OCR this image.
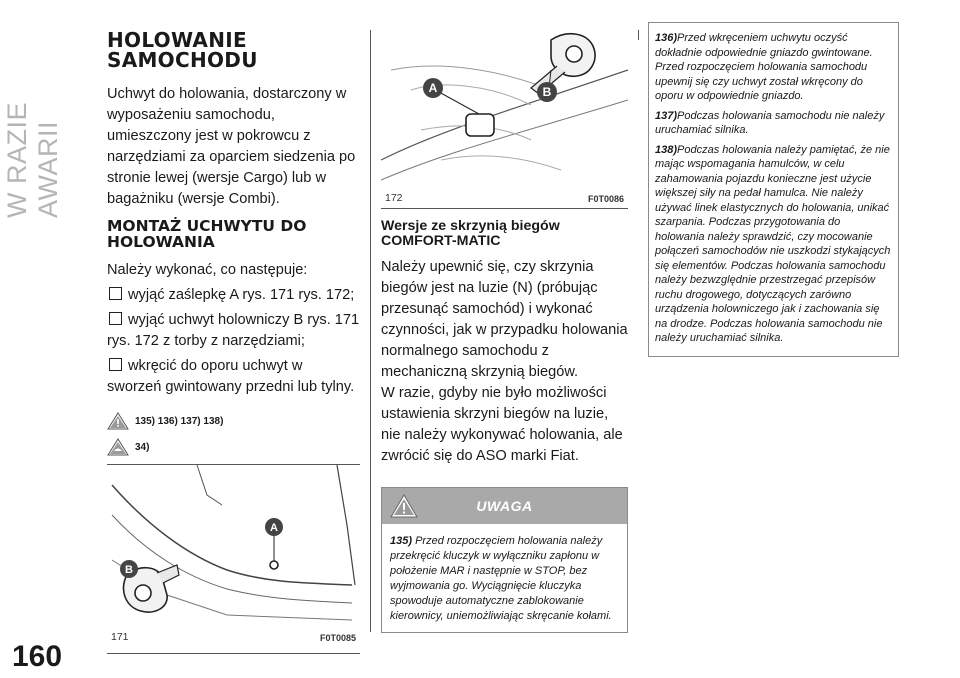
W RAZIE AWARII
160
HOLOWANIE
SAMOCHODU

Uchwyt do holowania, dostarczony w wyposażeniu samochodu, umieszczony jest w pokrowcu z narzędziami za oparciem siedzenia po stronie lewej (wersje Cargo) lub w bagażniku (wersje Combi).

MONTAŻ UCHWYTU DO
HOLOWANIA

Należy wykonać, co następuje:

wyjąć zaślepkę A rys. 171 rys. 172;

wyjąć uchwyt holowniczy B rys. 171 rys. 172 z torby z narzędziami;

wkręcić do oporu uchwyt w sworzeń gwintowany przedni lub tylny.

135) 136) 137) 138)
34)
A
B
171	F0T0085
A	B
172	F0T0086
Wersje ze skrzynią biegów
COMFORT-MATIC

Należy upewnić się, czy skrzynia biegów jest na luzie (N) (próbując przesunąć samochód) i wykonać czynności, jak w przypadku holowania normalnego samochodu z mechaniczną skrzynią biegów.

W razie, gdyby nie było możliwości ustawienia skrzyni biegów na luzie, nie należy wykonywać holowania, ale zwrócić się do ASO marki Fiat.

UWAGA
135) Przed rozpoczęciem holowania należy przekręcić kluczyk w wyłączniku zapłonu w położenie MAR i następnie w STOP, bez wyjmowania go. Wyciągnięcie kluczyka spowoduje automatyczne zablokowanie kierownicy, uniemożliwiając skręcanie kołami.

136)Przed wkręceniem uchwytu oczyść dokładnie odpowiednie gniazdo gwintowane. Przed rozpoczęciem holowania samochodu upewnij się czy uchwyt został wkręcony do oporu w odpowiednie gniazdo.

137)Podczas holowania samochodu nie należy uruchamiać silnika.

138)Podczas holowania należy pamiętać, że nie mając wspomagania hamulców, w celu zahamowania pojazdu konieczne jest użycie większej siły na pedał hamulca. Nie należy używać linek elastycznych do holowania, unikać szarpania. Podczas przygotowania do holowania należy sprawdzić, czy mocowanie połączeń samochodów nie uszkodzi stykających się elementów. Podczas holowania samochodu należy bezwzględnie przestrzegać przepisów ruchu drogowego, dotyczących zarówno urządzenia holowniczego jak i zachowania się na drodze. Podczas holowania samochodu nie należy uruchamiać silnika.
